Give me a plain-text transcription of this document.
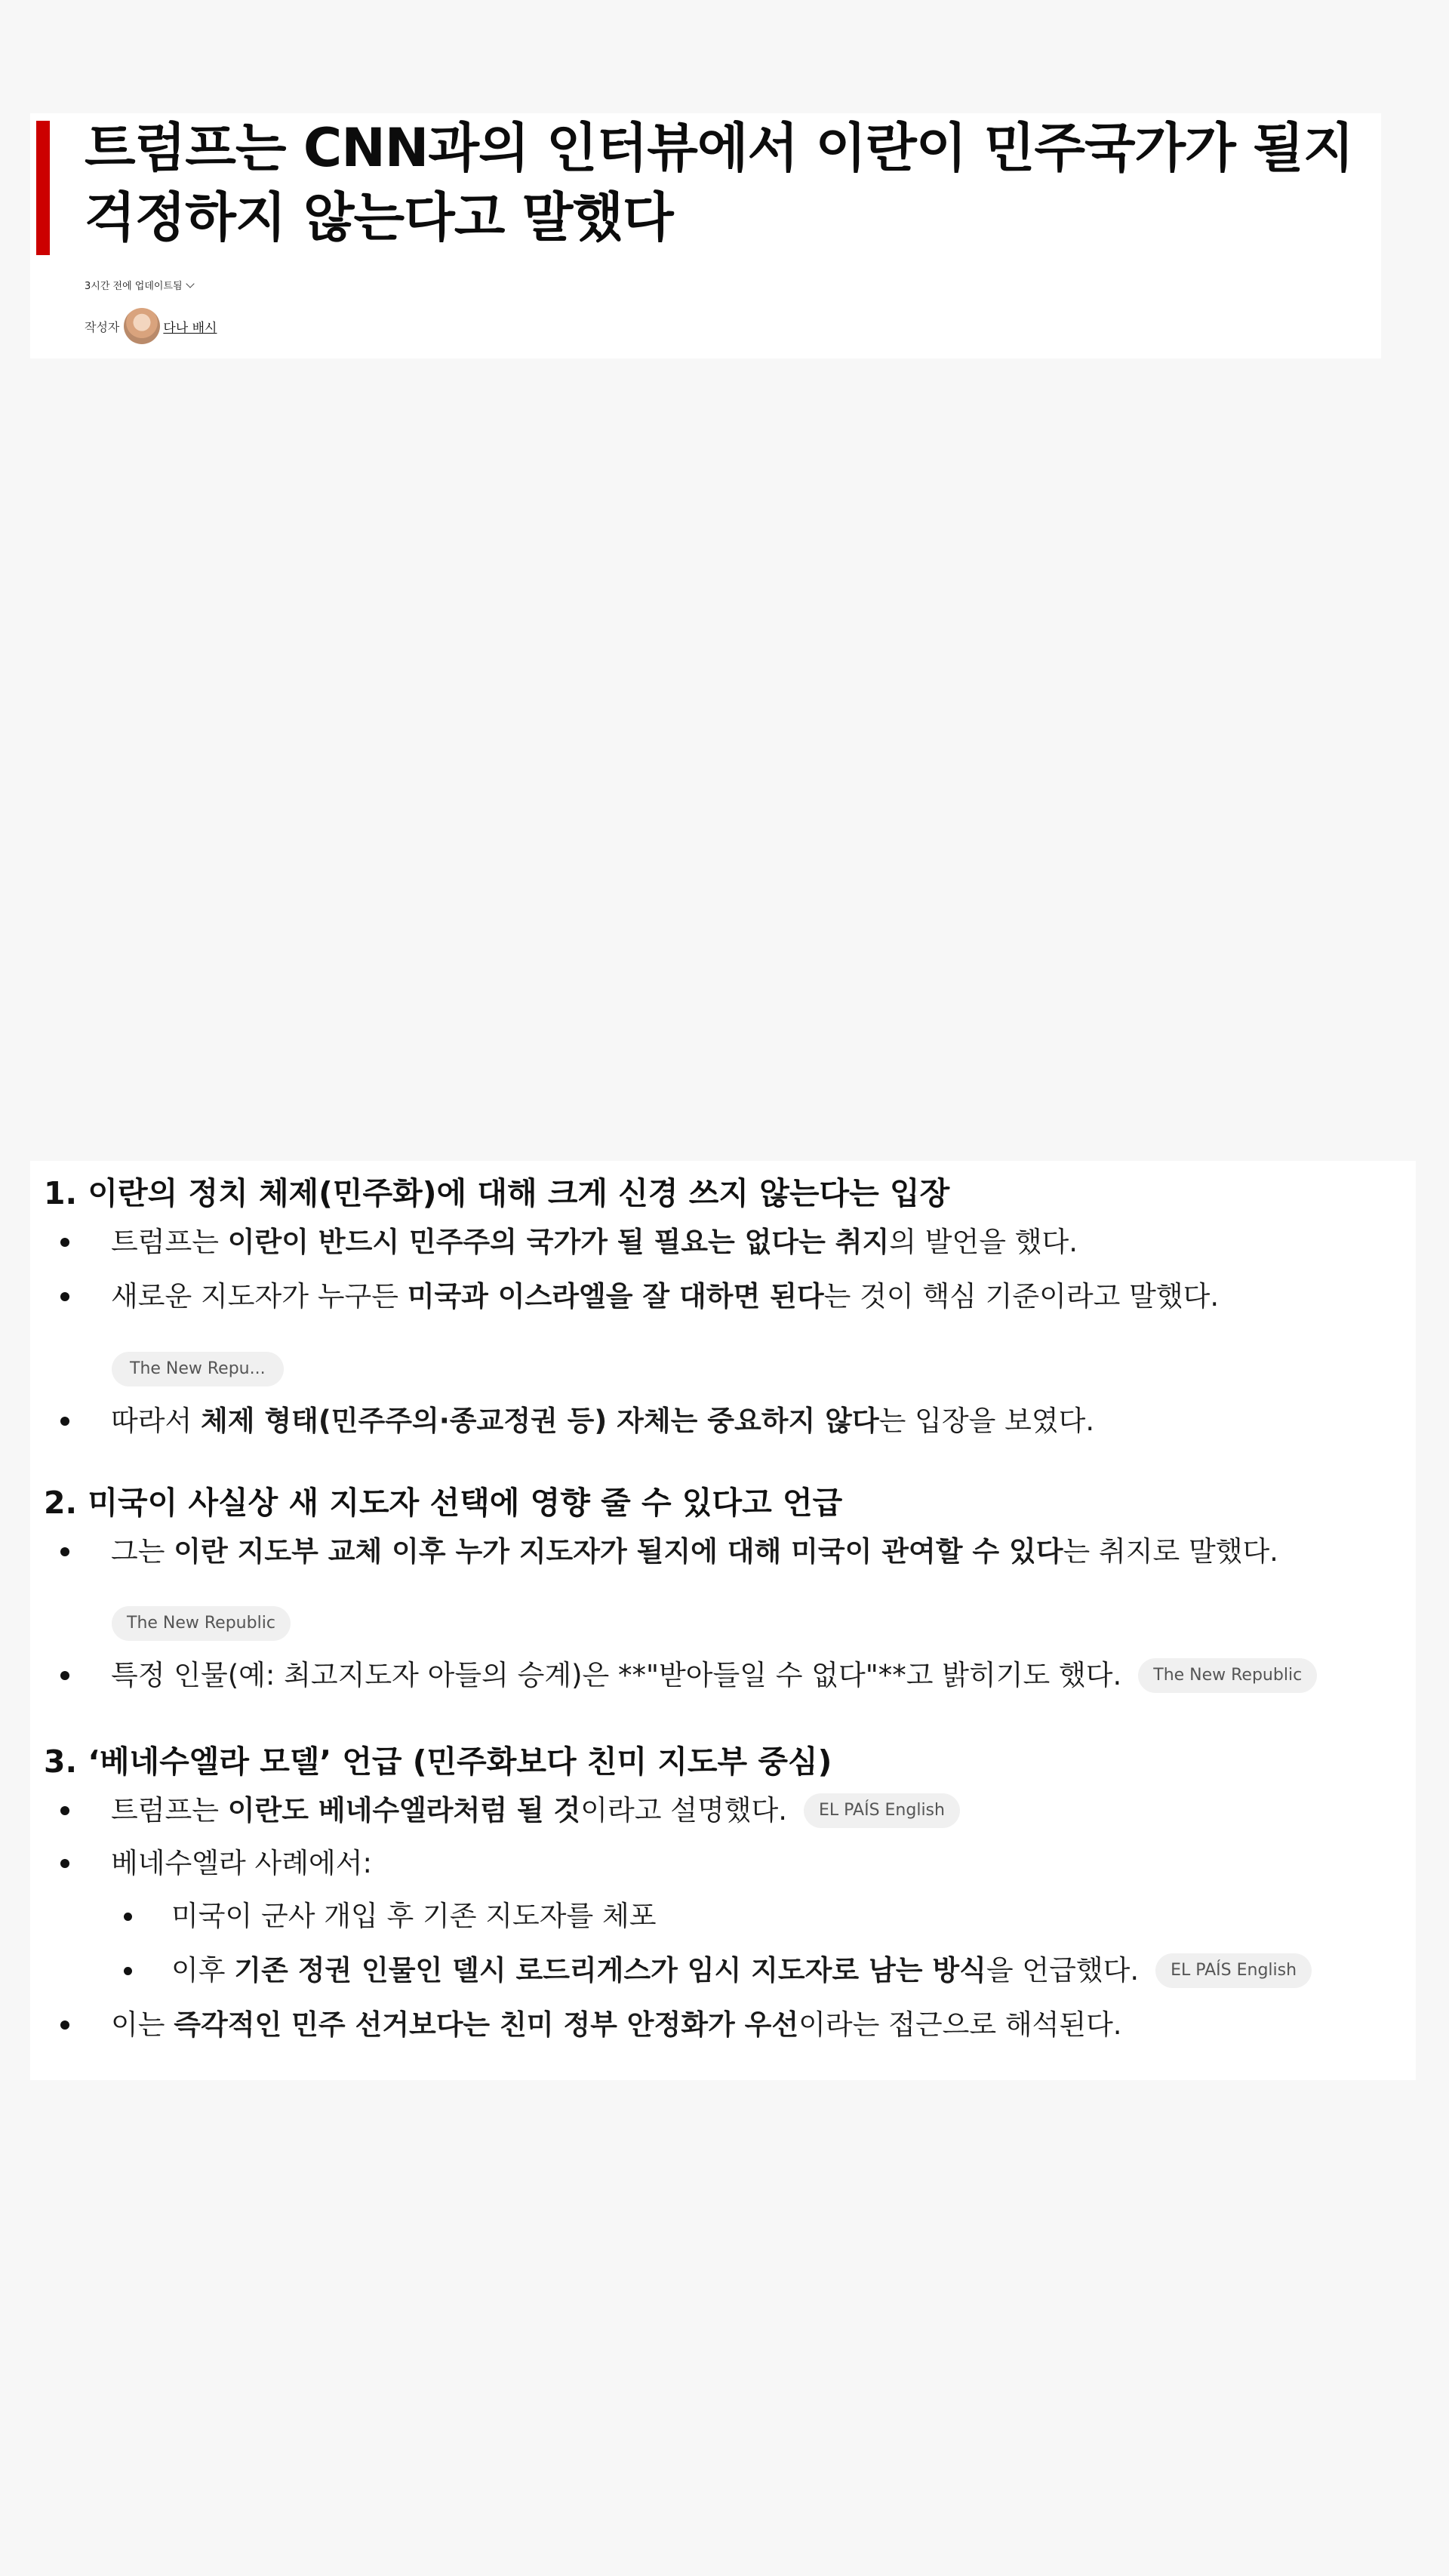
트럼프는 CNN과의 인터뷰에서 이란이 민주국가가 될지 걱정하지 않는다고 말했다
3시간 전에 업데이트됨
작성자	다나 배시
1. 이란의 정치 체제(민주화)에 대해 크게 신경 쓰지 않는다는 입장
트럼프는 이란이 반드시 민주주의 국가가 될 필요는 없다는 취지의 발언을 했다.
새로운 지도자가 누구든 미국과 이스라엘을 잘 대하면 된다는 것이 핵심 기준이라고 말했다.
The New Repu...
따라서 체제 형태(민주주의·종교정권 등) 자체는 중요하지 않다는 입장을 보였다.
2. 미국이 사실상 새 지도자 선택에 영향 줄 수 있다고 언급
그는 이란 지도부 교체 이후 누가 지도자가 될지에 대해 미국이 관여할 수 있다는 취지로 말했다.
The New Republic
특정 인물(예: 최고지도자 아들의 승계)은 **"받아들일 수 없다"**고 밝히기도 했다.	The New Republic
3. ‘베네수엘라 모델’ 언급 (민주화보다 친미 지도부 중심)
트럼프는 이란도 베네수엘라처럼 될 것이라고 설명했다.	EL PAÍS English
베네수엘라 사례에서:
미국이 군사 개입 후 기존 지도자를 체포
이후 기존 정권 인물인 델시 로드리게스가 임시 지도자로 남는 방식을 언급했다.	EL PAÍS English
이는 즉각적인 민주 선거보다는 친미 정부 안정화가 우선이라는 접근으로 해석된다.
